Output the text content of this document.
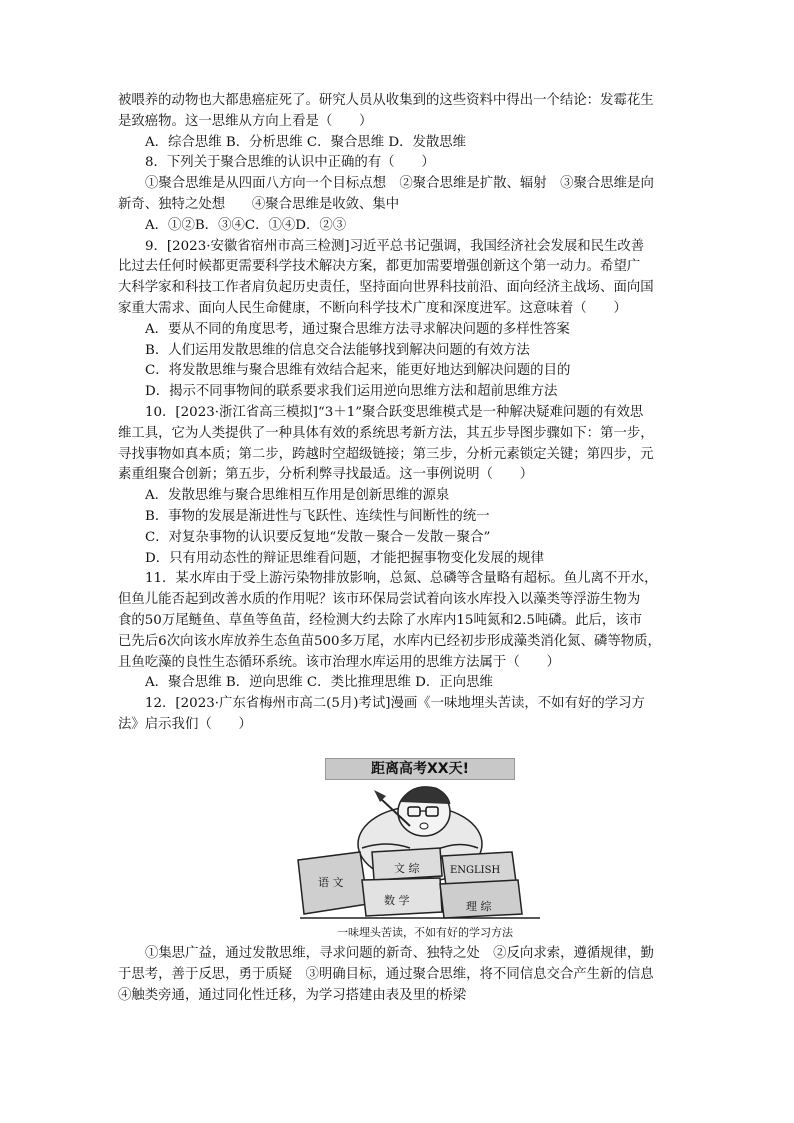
被喂养的动物也大都患癌症死了。研究人员从收集到的这些资料中得出一个结论：发霉花生

是致癌物。这一思维从方向上看是（　　）

A．综合思维 B．分析思维 C．聚合思维 D．发散思维

8．下列关于聚合思维的认识中正确的有（　　）

①聚合思维是从四面八方向一个目标点想　②聚合思维是扩散、辐射　③聚合思维是向

新奇、独特之处想　　④聚合思维是收敛、集中

A．①②B．③④C．①④D．②③

9．[2023·安徽省宿州市高三检测]习近平总书记强调，我国经济社会发展和民生改善

比过去任何时候都更需要科学技术解决方案，都更加需要增强创新这个第一动力。希望广

大科学家和科技工作者肩负起历史责任，坚持面向世界科技前沿、面向经济主战场、面向国

家重大需求、面向人民生命健康，不断向科学技术广度和深度进军。这意味着（　　）

A．要从不同的角度思考，通过聚合思维方法寻求解决问题的多样性答案

B．人们运用发散思维的信息交合法能够找到解决问题的有效方法

C．将发散思维与聚合思维有效结合起来，能更好地达到解决问题的目的

D．揭示不同事物间的联系要求我们运用逆向思维方法和超前思维方法

10．[2023·浙江省高三模拟]“3＋1”聚合跃变思维模式是一种解决疑难问题的有效思

维工具，它为人类提供了一种具体有效的系统思考新方法，其五步导图步骤如下：第一步，

寻找事物如真本质；第二步，跨越时空超级链接；第三步，分析元素锁定关键；第四步，元

素重组聚合创新；第五步，分析利弊寻找最适。这一事例说明（　　）

A．发散思维与聚合思维相互作用是创新思维的源泉

B．事物的发展是渐进性与飞跃性、连续性与间断性的统一

C．对复杂事物的认识要反复地“发散－聚合－发散－聚合”

D．只有用动态性的辩证思维看问题，才能把握事物变化发展的规律

11．某水库由于受上游污染物排放影响，总氮、总磷等含量略有超标。鱼儿离不开水，

但鱼儿能否起到改善水质的作用呢？该市环保局尝试着向该水库投入以藻类等浮游生物为

食的50万尾鲢鱼、草鱼等鱼苗，经检测大约去除了水库内15吨氮和2.5吨磷。此后，该市

已先后6次向该水库放养生态鱼苗500多万尾，水库内已经初步形成藻类消化氮、磷等物质，

且鱼吃藻的良性生态循环系统。该市治理水库运用的思维方法属于（　　）

A．聚合思维 B．逆向思维 C．类比推理思维 D．正向思维

12．[2023·广东省梅州市高二(5月)考试]漫画《一味地埋头苦读，不如有好的学习方

法》启示我们（　　）

距离高考XX天!
语 文
文 综	ENGLISH
数 学	理 综
一味埋头苦读，不如有好的学习方法

①集思广益，通过发散思维，寻求问题的新奇、独特之处　②反向求索，遵循规律，勤

于思考，善于反思，勇于质疑　③明确目标，通过聚合思维，将不同信息交合产生新的信息

④触类旁通，通过同化性迁移，为学习搭建由表及里的桥梁
